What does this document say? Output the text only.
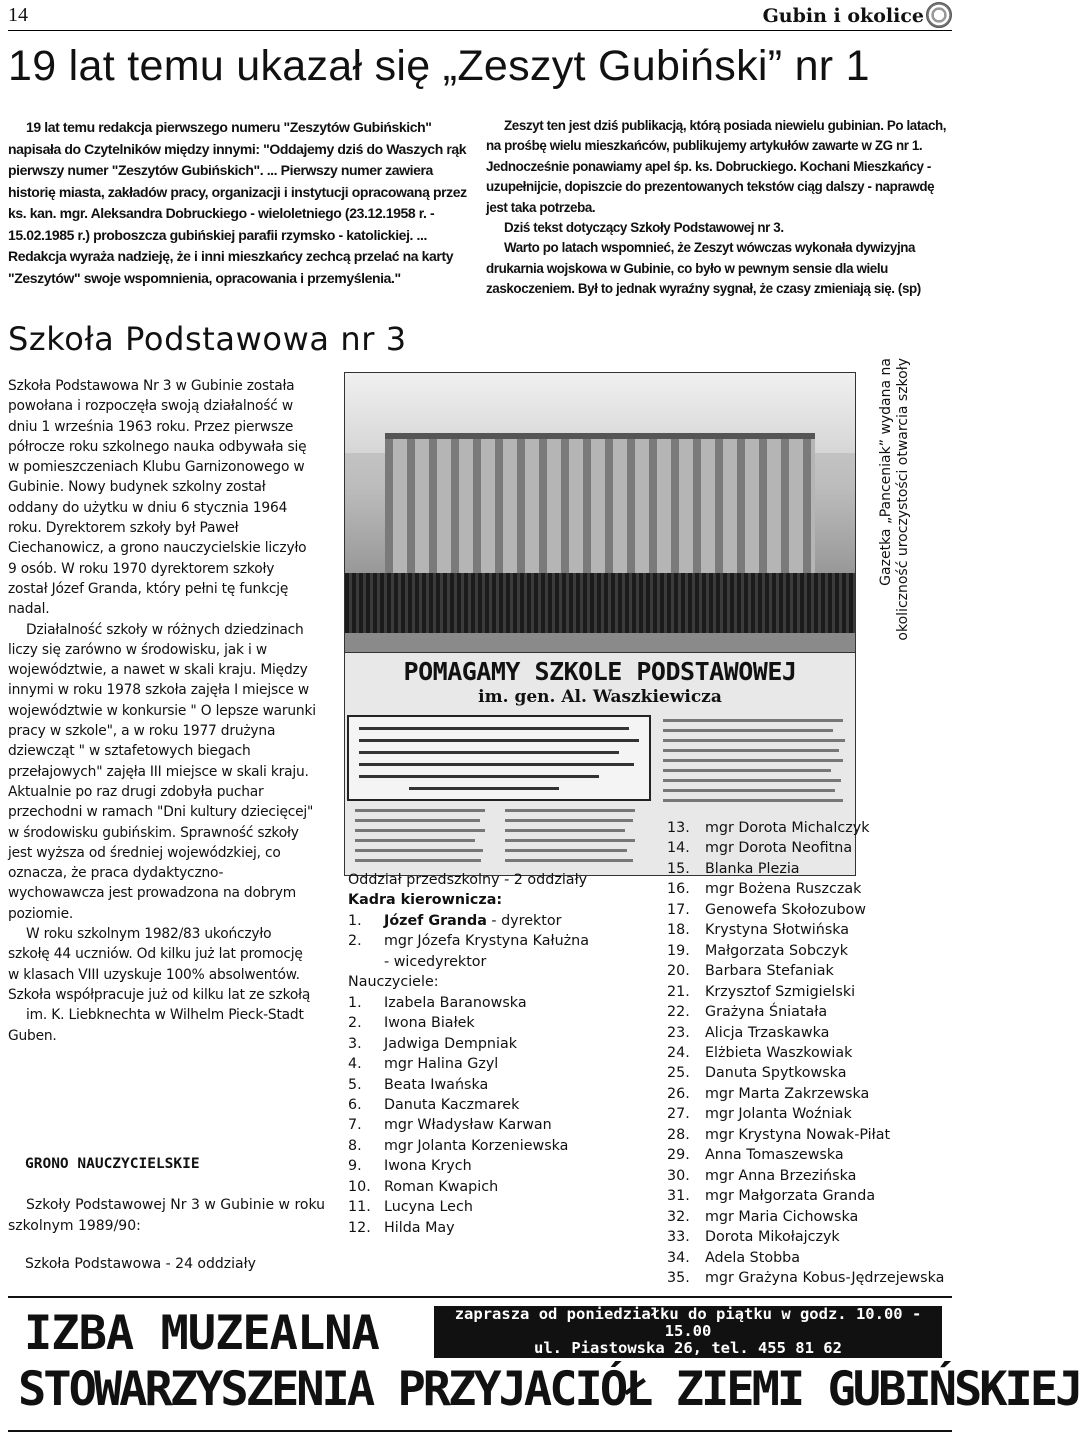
14	Gubin i okolice
19 lat temu ukazał się „Zeszyt Gubiński” nr 1
19 lat temu redakcja pierwszego numeru "Zeszytów Gubińskich" napisała do Czytelników między innymi: "Oddajemy dziś do Waszych rąk pierwszy numer "Zeszytów Gubińskich". ... Pierwszy numer zawiera historię miasta, zakładów pracy, organizacji i instytucji opracowaną przez ks. kan. mgr. Aleksandra Dobruckiego - wieloletniego (23.12.1958 r. - 15.02.1985 r.) proboszcza gubińskiej parafii rzymsko - katolickiej. ... Redakcja wyraża nadzieję, że i inni mieszkańcy zechcą przelać na karty "Zeszytów" swoje wspomnienia, opracowania i przemyślenia."

Zeszyt ten jest dziś publikacją, którą posiada niewielu gubinian. Po latach, na prośbę wielu mieszkańców, publikujemy artykułów zawarte w ZG nr 1. Jednocześnie ponawiamy apel śp. ks. Dobruckiego. Kochani Mieszkańcy - uzupełnijcie, dopiszcie do prezentowanych tekstów ciąg dalszy - naprawdę jest taka potrzeba.

Dziś tekst dotyczący Szkoły Podstawowej nr 3.

Warto po latach wspomnieć, że Zeszyt wówczas wykonała dywizyjna drukarnia wojskowa w Gubinie, co było w pewnym sensie dla wielu zaskoczeniem. Był to jednak wyraźny sygnał, że czasy zmieniają się. (sp)

Szkoła Podstawowa nr 3

Szkoła Podstawowa Nr 3 w Gubinie została powołana i rozpoczęła swoją działalność w dniu 1 września 1963 roku. Przez pierwsze półrocze roku szkolnego nauka odbywała się w pomieszczeniach Klubu Garnizonowego w Gubinie. Nowy budynek szkolny został oddany do użytku w dniu 6 stycznia 1964 roku. Dyrektorem szkoły był Paweł Ciechanowicz, a grono nauczycielskie liczyło 9 osób. W roku 1970 dyrektorem szkoły został Józef Granda, który pełni tę funkcję nadal.

Działalność szkoły w różnych dziedzinach liczy się zarówno w środowisku, jak i w województwie, a nawet w skali kraju. Między innymi w roku 1978 szkoła zajęła I miejsce w województwie w konkursie " O lepsze warunki pracy w szkole", a w roku 1977 drużyna dziewcząt " w sztafetowych biegach przełajowych" zajęła III miejsce w skali kraju. Aktualnie po raz drugi zdobyła puchar przechodni w ramach "Dni kultury dziecięcej" w środowisku gubińskim. Sprawność szkoły jest wyższa od średniej wojewódzkiej, co oznacza, że praca dydaktyczno-wychowawcza jest prowadzona na dobrym poziomie.

W roku szkolnym 1982/83 ukończyło szkołę 44 uczniów. Od kilku już lat promocję w klasach VIII uzyskuje 100% absolwentów. Szkoła współpracuje już od kilku lat ze szkołą

im. K. Liebknechta w Wilhelm Pieck-Stadt Guben.

GRONO NAUCZYCIELSKIE
Szkoły Podstawowej Nr 3 w Gubinie w roku szkolnym 1989/90:
Szkoła Podstawowa - 24 oddziały
POMAGAMY SZKOLE PODSTAWOWEJ
im. gen. Al. Waszkiewicza
Gazetka „Panceniak” wydana na okoliczność uroczystości otwarcia szkoły
Oddział przedszkolny - 2 oddziały
Kadra kierownicza:
1. Józef Granda - dyrektor
2. mgr Józefa Krystyna Kałużna
- wicedyrektor
Nauczyciele:
1. Izabela Baranowska
2. Iwona Białek
3. Jadwiga Dempniak
4. mgr Halina Gzyl
5. Beata Iwańska
6. Danuta Kaczmarek
7. mgr Władysław Karwan
8. mgr Jolanta Korzeniewska
9. Iwona Krych
10. Roman Kwapich
11. Lucyna Lech
12. Hilda May
13. mgr Dorota Michalczyk
14. mgr Dorota Neofitna
15. Blanka Plezia
16. mgr Bożena Ruszczak
17. Genowefa Skołozubow
18. Krystyna Słotwińska
19. Małgorzata Sobczyk
20. Barbara Stefaniak
21. Krzysztof Szmigielski
22. Grażyna Śniatała
23. Alicja Trzaskawka
24. Elżbieta Waszkowiak
25. Danuta Spytkowska
26. mgr Marta Zakrzewska
27. mgr Jolanta Woźniak
28. mgr Krystyna Nowak-Piłat
29. Anna Tomaszewska
30. mgr Anna Brzezińska
31. mgr Małgorzata Granda
32. mgr Maria Cichowska
33. Dorota Mikołajczyk
34. Adela Stobba
35. mgr Grażyna Kobus-Jędrzejewska
IZBA MUZEALNA	zaprasza od poniedziałku do piątku w godz. 10.00 - 15.00
ul. Piastowska 26, tel. 455 81 62
STOWARZYSZENIA PRZYJACIÓŁ ZIEMI GUBIŃSKIEJ
